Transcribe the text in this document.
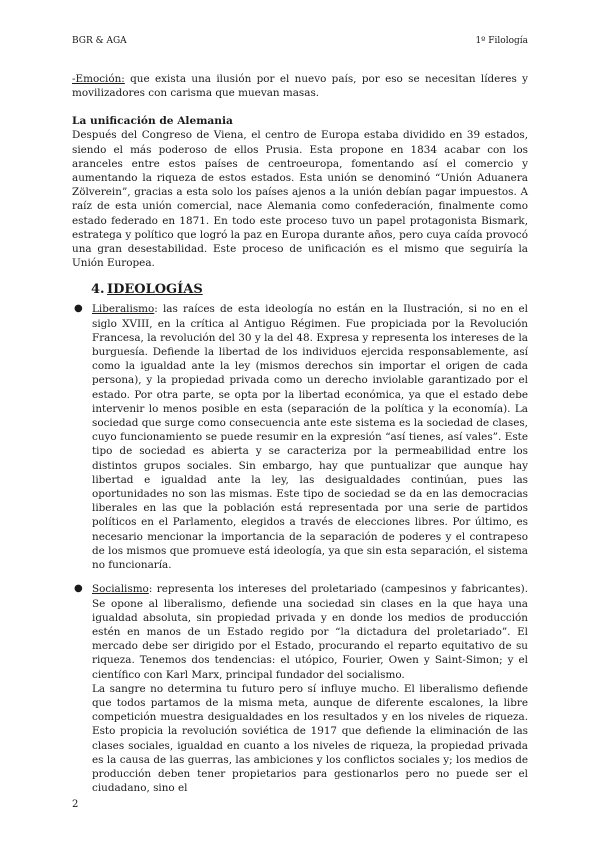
BGR & AGA	1º Filología

-Emoción: que exista una ilusión por el nuevo país, por eso se necesitan líderes y movilizadores con carisma que muevan masas.

La unificación de Alemania

Después del Congreso de Viena, el centro de Europa estaba dividido en 39 estados, siendo el más poderoso de ellos Prusia. Esta propone en 1834 acabar con los aranceles entre estos países de centroeuropa, fomentando así el comercio y aumentando la riqueza de estos estados. Esta unión se denominó “Unión Aduanera Zölverein”, gracias a esta solo los países ajenos a la unión debían pagar impuestos. A raíz de esta unión comercial, nace Alemania como confederación, finalmente como estado federado en 1871. En todo este proceso tuvo un papel protagonista Bismark, estratega y político que logró la paz en Europa durante años, pero cuya caída provocó una gran desestabilidad. Este proceso de unificación es el mismo que seguiría la Unión Europea.

4. IDEOLOGÍAS
● Liberalismo: las raíces de esta ideología no están en la Ilustración, si no en el siglo XVIII, en la crítica al Antiguo Régimen. Fue propiciada por la Revolución Francesa, la revolución del 30 y la del 48. Expresa y representa los intereses de la burguesía. Defiende la libertad de los individuos ejercida responsablemente, así como la igualdad ante la ley (mismos derechos sin importar el origen de cada persona), y la propiedad privada como un derecho inviolable garantizado por el estado. Por otra parte, se opta por la libertad económica, ya que el estado debe intervenir lo menos posible en esta (separación de la política y la economía). La sociedad que surge como consecuencia ante este sistema es la sociedad de clases, cuyo funcionamiento se puede resumir en la expresión “así tienes, así vales”. Este tipo de sociedad es abierta y se caracteriza por la permeabilidad entre los distintos grupos sociales. Sin embargo, hay que puntualizar que aunque hay libertad e igualdad ante la ley, las desigualdades continúan, pues las oportunidades no son las mismas. Este tipo de sociedad se da en las democracias liberales en las que la población está representada por una serie de partidos políticos en el Parlamento, elegidos a través de elecciones libres. Por último, es necesario mencionar la importancia de la separación de poderes y el contrapeso de los mismos que promueve está ideología, ya que sin esta separación, el sistema no funcionaría.

● Socialismo: representa los intereses del proletariado (campesinos y fabricantes). Se opone al liberalismo, defiende una sociedad sin clases en la que haya una igualdad absoluta, sin propiedad privada y en donde los medios de producción estén en manos de un Estado regido por “la dictadura del proletariado”. El mercado debe ser dirigido por el Estado, procurando el reparto equitativo de su riqueza. Tenemos dos tendencias: el utópico, Fourier, Owen y Saint-Simon; y el científico con Karl Marx, principal fundador del socialismo.

La sangre no determina tu futuro pero sí influye mucho. El liberalismo defiende que todos partamos de la misma meta, aunque de diferente escalones, la libre competición muestra desigualdades en los resultados y en los niveles de riqueza. Esto propicia la revolución soviética de 1917 que defiende la eliminación de las clases sociales, igualdad en cuanto a los niveles de riqueza, la propiedad privada es la causa de las guerras, las ambiciones y los conflictos sociales y; los medios de producción deben tener propietarios para gestionarlos pero no puede ser el ciudadano, sino el

2
